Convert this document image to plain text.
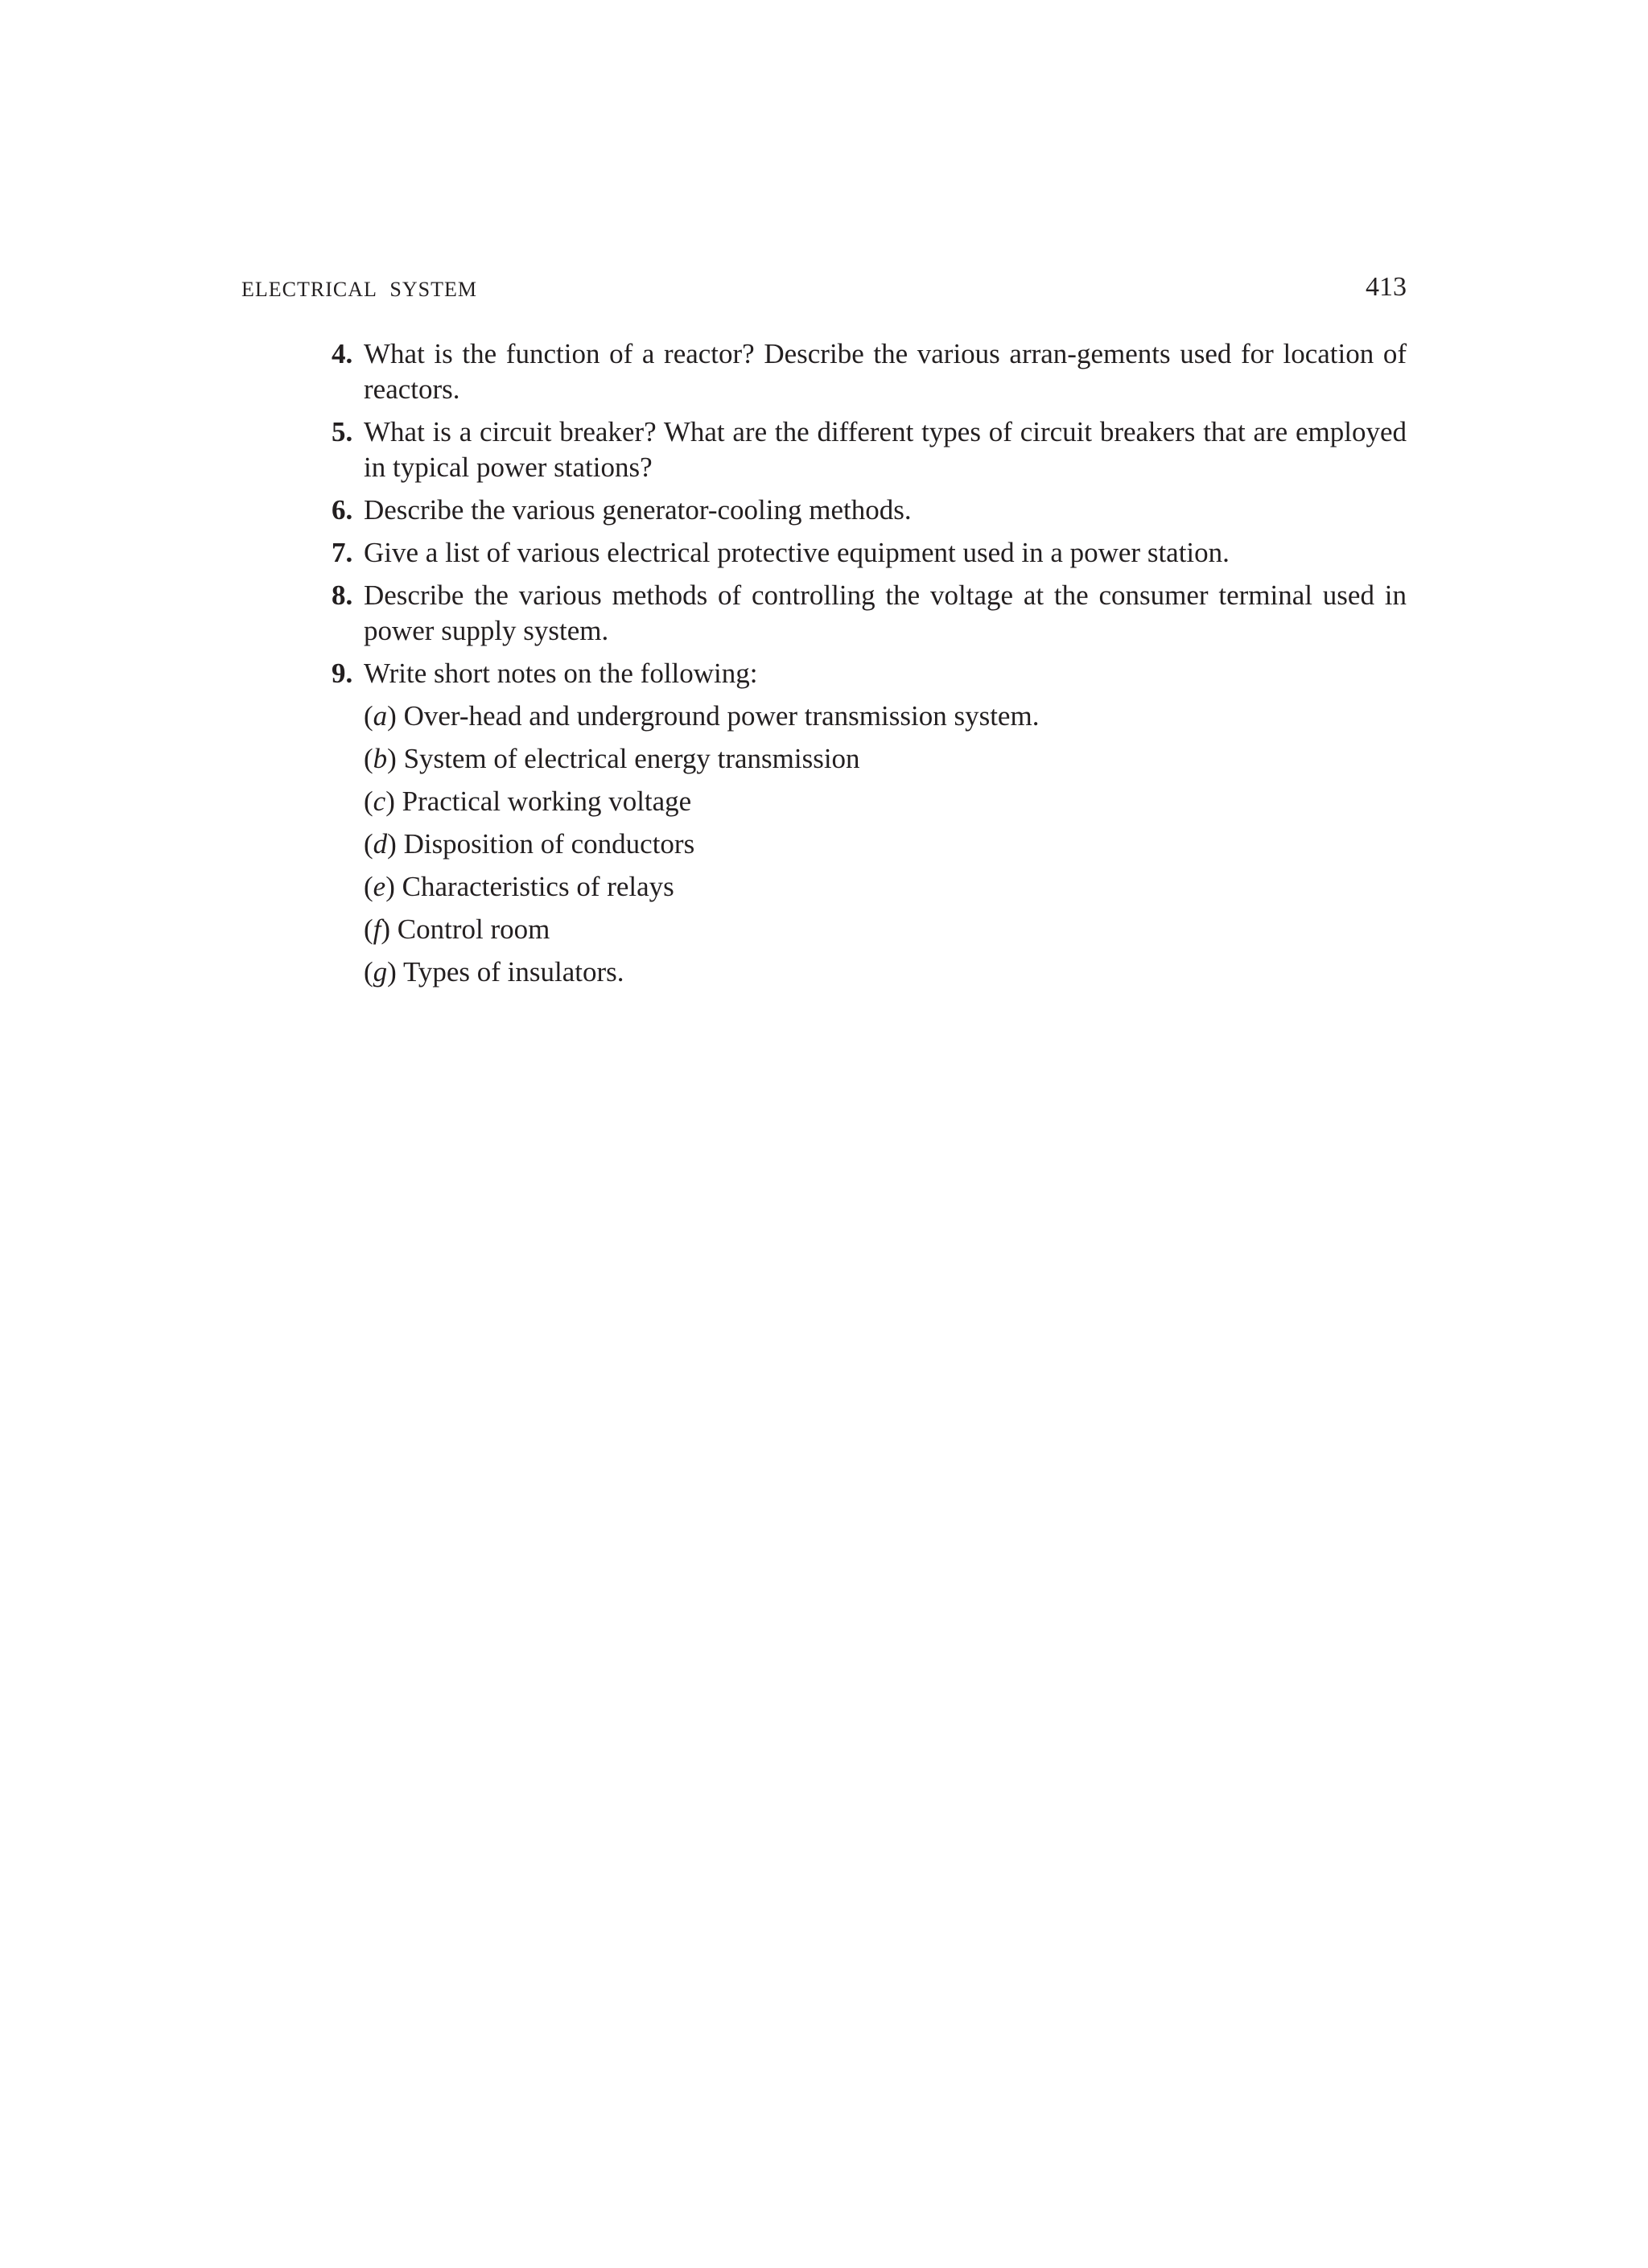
ELECTRICAL SYSTEM	413
4. What is the function of a reactor? Describe the various arran-gements used for location of reactors.
5. What is a circuit breaker? What are the different types of circuit breakers that are employed in typical power stations?
6. Describe the various generator-cooling methods.
7. Give a list of various electrical protective equipment used in a power station.
8. Describe the various methods of controlling the voltage at the consumer terminal used in power supply system.
9. Write short notes on the following:
(a) Over-head and underground power transmission system.
(b) System of electrical energy transmission
(c) Practical working voltage
(d) Disposition of conductors
(e) Characteristics of relays
(f) Control room
(g) Types of insulators.
